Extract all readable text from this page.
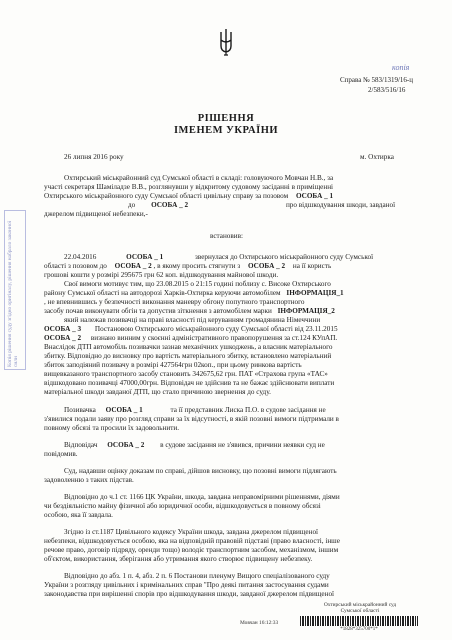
копія
Справа № 583/1319/16-ц
2/583/516/16
РІШЕННЯ
ІМЕНЕМ УКРАЇНИ
26 липня 2016 року	м. Охтирка
Охтирський міськрайонний суд Сумської області в складі: головуючого Мовчан Н.В., за
участі секретаря Шамiладзе В.В., розглянувши у відкритому судовому засіданні в приміщенні
Охтирського міськрайонного суду Сумської області цивільну справу за позовом ОСОБА _ 1
до ОСОБА _ 2	про відшкодування шкоди, завданої
джерелом підвищеної небезпеки,-
встановив:
22.04.2016	ОСОБА _ 1	звернулася до Охтирського міськрайонного суду Сумської
області з позовом до ОСОБА _ 2 , в якому просить стягнути з ОСОБА _ 2 на її користь
грошові кошти у розмірі 295675 грн 62 коп. відшкодування майнової шкоди.
Свої вимоги мотивує тим, що 23.08.2015 о 21:15 годині поблизу с. Високе Охтирського
району Сумської області на автодорозі Харків-Охтирка керуючи автомобілем ІНФОРМАЦІЯ_1
, не впевнившись у безпечності виконання маневру обгону попутного транспортного
засобу почав виконувати обгін та допустив зіткнення з автомобілем марки ІНФОРМАЦІЯ_2
який належав позивачці на праві власності під керуванням громадянина Німеччини
ОСОБА _ 3 Постановою Охтирського міськрайонного суду Сумської області від 23.11.2015
ОСОБА _ 2 визнано винним у скоєнні адміністративного правопорушення за ст.124 КУпАП.
Внаслідок ДТП автомобіль позивачки зазнав механічних ушкоджень, а власник матеріального
збитку. Відповідно до висновку про вартість матеріального збитку, встановлено матеріальний
збиток заподіяний позивачу в розмірі 427564грн 02коп., при цьому ринкова вартість
вищевказаного транспортного засобу становить 342675,62 грн. ПАТ «Страхова група «ТАС»
відшкодовано позивачці 47000,00грн. Відповідач не здійснив та не бажає здійснювати виплати
матеріальної шкоди завданої ДТП, що стало причиною звернення до суду.
Позивачка ОСОБА _ 1	та її представник Лиска П.О. в судове засідання не
з'явилися подали заяву про розгляд справи за їх відсутності, в якій позовні вимоги підтримали в
повному обсязі та просили їх задовольнити.
Відповідач ОСОБА _ 2 в судове засідання не з'явився, причини неявки суд не
повідомив.
Суд, надавши оцінку доказам по справі, дійшов висновку, що позовні вимоги підлягають
задоволенню з таких підстав.
Відповідно до ч.1 ст. 1166 ЦК України, шкода, завдана неправомірними рішеннями, діями
чи бездіяльністю майну фізичної або юридичної особи, відшкодовується в повному обсязі
особою, яка її завдала.
Згідно із ст.1187 Цивільного кодексу України шкода, завдана джерелом підвищеної
небезпеки, відшкодовується особою, яка на відповідній правовій підставі (право власності, інше
речове право, договір підряду, оренди тощо) володіє транспортним засобом, механізмом, іншим
об'єктом, використання, зберігання або утримання якого створює підвищену небезпеку.
Відповідно до абз. 1 п. 4, абз. 2 п. 6 Постанови пленуму Вищого спеціалізованого суду
України з розгляду цивільних і кримінальних справ "Про деякі питання застосування судами
законодавства при вирішенні спорів про відшкодування шкоди, завданої джерелом підвищеної
Копія рішення суду згідно оригіналу, рішення набрало законної сили
Охтирський міськрайонний суд
Сумської області
Мовчан 16:12:33
*1828*325700*1*
